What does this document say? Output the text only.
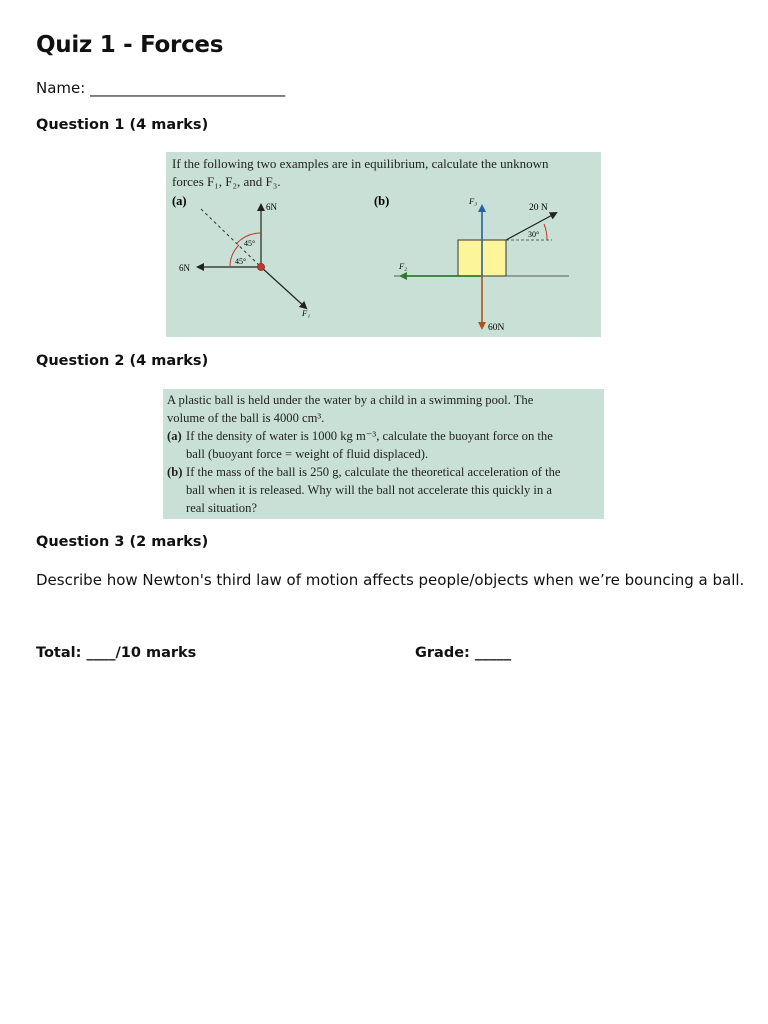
Quiz 1 - Forces
Name: __________________________
Question 1 (4 marks)
If the following two examples are in equilibrium, calculate the unknown
forces F₁, F₂, and F₃.
(a)	6N
6N
F₁
45°
45°
(b)	20 N
30°
F₃
F₂
60N
Question 2 (4 marks)
A plastic ball is held under the water by a child in a swimming pool. The
volume of the ball is 4000 cm³.
(a) If the density of water is 1000 kg m⁻³, calculate the buoyant force on the
ball (buoyant force = weight of fluid displaced).
(b) If the mass of the ball is 250 g, calculate the theoretical acceleration of the
ball when it is released. Why will the ball not accelerate this quickly in a
real situation?
Question 3 (2 marks)
Describe how Newton's third law of motion affects people/objects when we’re bouncing a ball.
Total: ____/10 marks	Grade: _____
